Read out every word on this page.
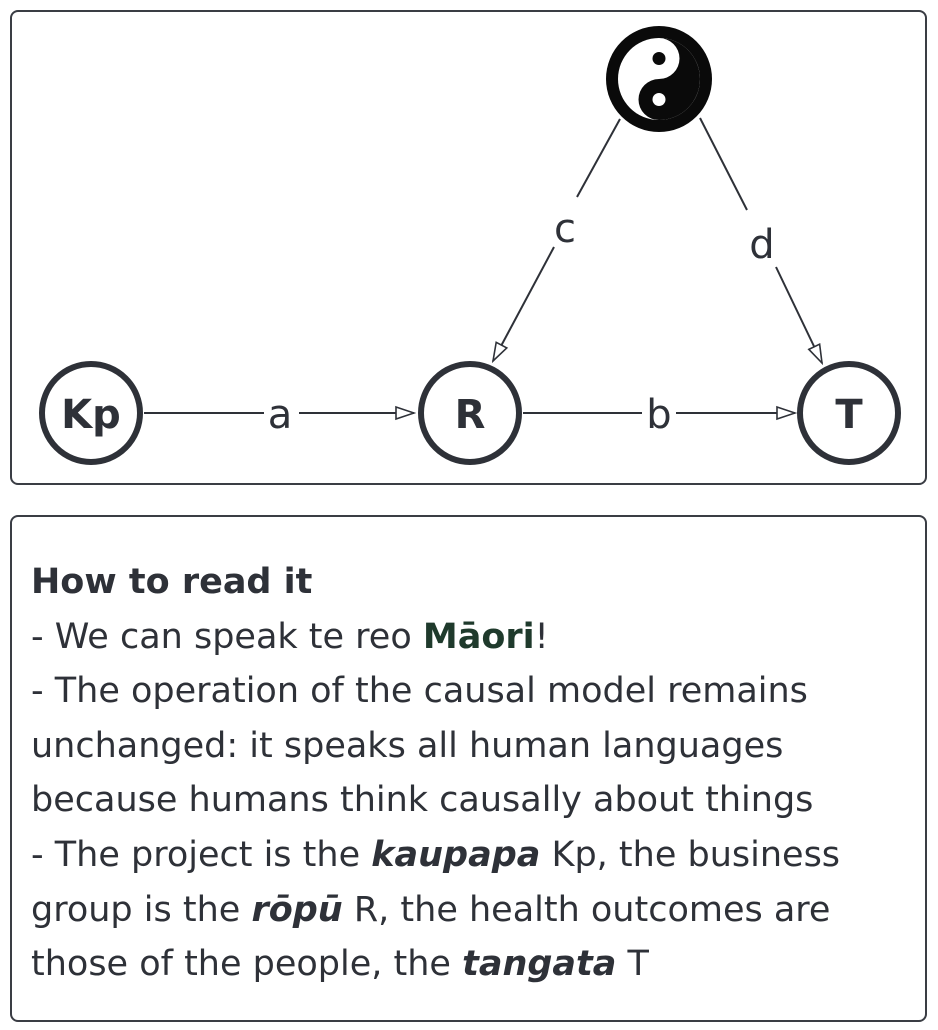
a	b
c	d
Kp	R	T
How to read it
- We can speak te reo Māori!
- The operation of the causal model remains
unchanged: it speaks all human languages
because humans think causally about things
- The project is the kaupapa Kp, the business
group is the rōpū R, the health outcomes are
those of the people, the tangata T
